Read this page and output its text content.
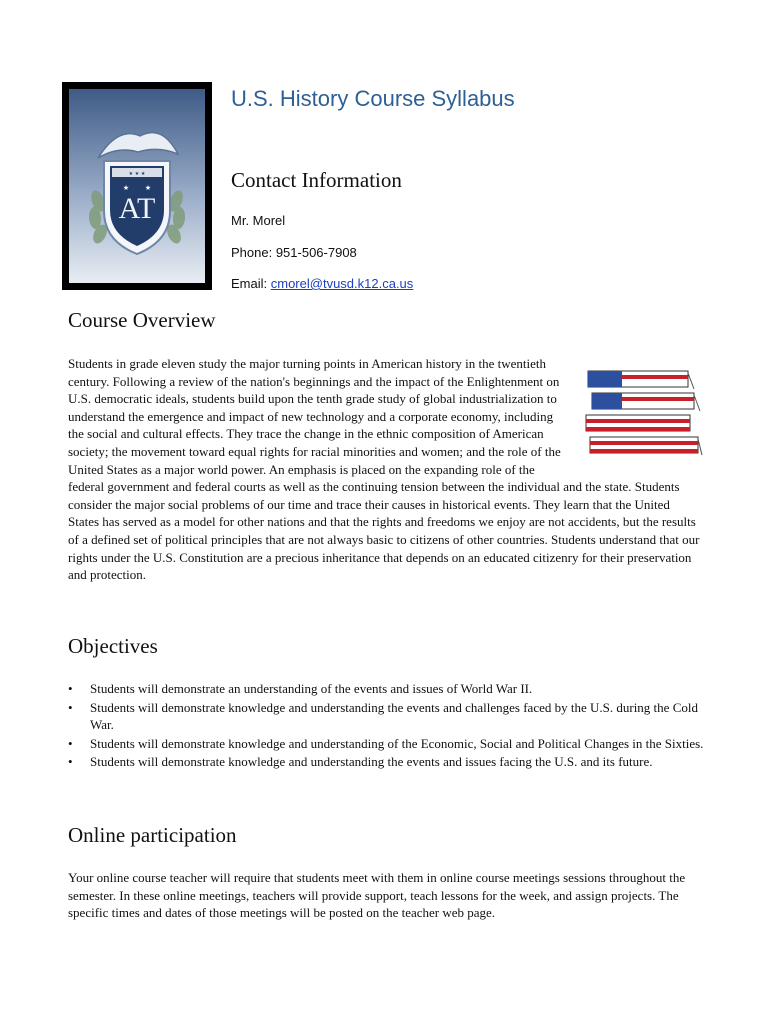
★ ★ ★
AT
★ ★
U.S. History Course Syllabus
Contact Information
Mr. Morel
Phone: 951-506-7908
Email: cmorel@tvusd.k12.ca.us
Course Overview
Students in grade eleven study the major turning points in American history in the twentieth century. Following a review of the nation's beginnings and the impact of the Enlightenment on U.S. democratic ideals, students build upon the tenth grade study of global industrialization to understand the emergence and impact of new technology and a corporate economy, including the social and cultural effects. They trace the change in the ethnic composition of American society; the movement toward equal rights for racial minorities and women; and the role of the United States as a major world power. An emphasis is placed on the expanding role of the federal government and federal courts as well as the continuing tension between the individual and the state. Students consider the major social problems of our time and trace their causes in historical events. They learn that the United States has served as a model for other nations and that the rights and freedoms we enjoy are not accidents, but the results of a defined set of political principles that are not always basic to citizens of other countries. Students understand that our rights under the U.S. Constitution are a precious inheritance that depends on an educated citizenry for their preservation and protection.
Objectives
• Students will demonstrate an understanding of the events and issues of World War II.
• Students will demonstrate knowledge and understanding the events and challenges faced by the U.S. during the Cold War.
• Students will demonstrate knowledge and understanding of the Economic, Social and Political Changes in the Sixties.
• Students will demonstrate knowledge and understanding the events and issues facing the U.S. and its future.
Online participation

Your online course teacher will require that students meet with them in online course meetings sessions throughout the semester. In these online meetings, teachers will provide support, teach lessons for the week, and assign projects. The specific times and dates of those meetings will be posted on the teacher web page.
